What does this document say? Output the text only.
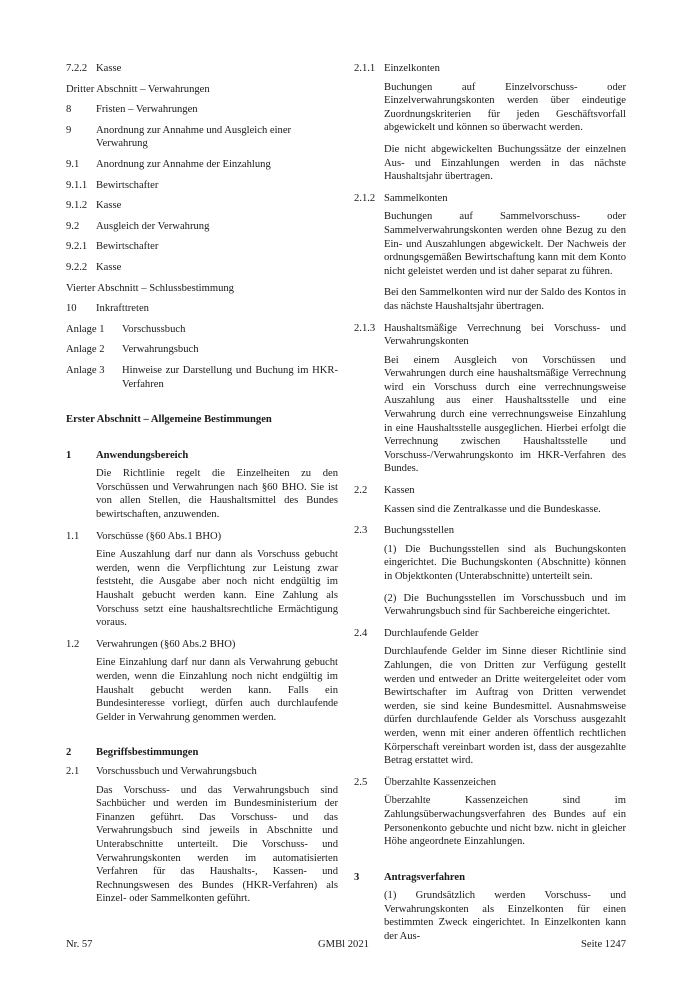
7.2.2 Kasse
Dritter Abschnitt – Verwahrungen
8	Fristen – Verwahrungen
9	Anordnung zur Annahme und Ausgleich einer Verwahrung
9.1	Anordnung zur Annahme der Einzahlung
9.1.1 Bewirtschafter
9.1.2 Kasse
9.2	Ausgleich der Verwahrung
9.2.1 Bewirtschafter
9.2.2 Kasse
Vierter Abschnitt – Schlussbestimmung
10	Inkrafttreten
Anlage 1	Vorschussbuch
Anlage 2	Verwahrungsbuch
Anlage 3	Hinweise zur Darstellung und Buchung im HKR-Verfahren
Erster Abschnitt – Allgemeine Bestimmungen
1	Anwendungsbereich
Die Richtlinie regelt die Einzelheiten zu den Vorschüssen und Verwahrungen nach §60 BHO. Sie ist von allen Stellen, die Haushaltsmittel des Bundes bewirtschaften, anzuwenden.
1.1	Vorschüsse (§60 Abs.1 BHO)
Eine Auszahlung darf nur dann als Vorschuss gebucht werden, wenn die Verpflichtung zur Leistung zwar feststeht, die Ausgabe aber noch nicht endgültig im Haushalt gebucht werden kann. Eine Zahlung als Vorschuss setzt eine haushaltsrechtliche Ermächtigung voraus.
1.2	Verwahrungen (§60 Abs.2 BHO)
Eine Einzahlung darf nur dann als Verwahrung gebucht werden, wenn die Einzahlung noch nicht endgültig im Haushalt gebucht werden kann. Falls ein Bundesinteresse vorliegt, dürfen auch durchlaufende Gelder in Verwahrung genommen werden.
2	Begriffsbestimmungen
2.1	Vorschussbuch und Verwahrungsbuch
Das Vorschuss- und das Verwahrungsbuch sind Sachbücher und werden im Bundesministerium der Finanzen geführt. Das Vorschuss- und das Verwahrungsbuch sind jeweils in Abschnitte und Unterabschnitte unterteilt. Die Vorschuss- und Verwahrungskonten werden im automatisierten Verfahren für das Haushalts-, Kassen- und Rechnungswesen des Bundes (HKR-Verfahren) als Einzel- oder Sammelkonten geführt.
2.1.1 Einzelkonten
Buchungen auf Einzelvorschuss- oder Einzelverwahrungskonten werden über eindeutige Zuordnungskriterien für jeden Geschäftsvorfall abgewickelt und können so überwacht werden.
Die nicht abgewickelten Buchungssätze der einzelnen Aus- und Einzahlungen werden in das nächste Haushaltsjahr übertragen.
2.1.2 Sammelkonten
Buchungen auf Sammelvorschuss- oder Sammelverwahrungskonten werden ohne Bezug zu den Ein- und Auszahlungen abgewickelt. Der Nachweis der ordnungsgemäßen Bewirtschaftung kann mit dem Konto nicht geleistet werden und ist daher separat zu führen.
Bei den Sammelkonten wird nur der Saldo des Kontos in das nächste Haushaltsjahr übertragen.
2.1.3 Haushaltsmäßige Verrechnung bei Vorschuss- und Verwahrungskonten
Bei einem Ausgleich von Vorschüssen und Verwahrungen durch eine haushaltsmäßige Verrechnung wird ein Vorschuss durch eine verrechnungsweise Auszahlung aus einer Haushaltsstelle und eine Verwahrung durch eine verrechnungsweise Einzahlung in eine Haushaltsstelle ausgeglichen. Hierbei erfolgt die Verrechnung zwischen Haushaltsstelle und Vorschuss-/Verwahrungskonto im HKR-Verfahren des Bundes.
2.2	Kassen
Kassen sind die Zentralkasse und die Bundeskasse.
2.3	Buchungsstellen
(1) Die Buchungsstellen sind als Buchungskonten eingerichtet. Die Buchungskonten (Abschnitte) können in Objektkonten (Unterabschnitte) unterteilt sein.
(2) Die Buchungsstellen im Vorschussbuch und im Verwahrungsbuch sind für Sachbereiche eingerichtet.
2.4	Durchlaufende Gelder
Durchlaufende Gelder im Sinne dieser Richtlinie sind Zahlungen, die von Dritten zur Verfügung gestellt werden und entweder an Dritte weitergeleitet oder vom Bewirtschafter im Auftrag von Dritten verwendet werden, sie sind keine Bundesmittel. Ausnahmsweise dürfen durchlaufende Gelder als Vorschuss ausgezahlt werden, wenn mit einer anderen öffentlich rechtlichen Körperschaft vereinbart worden ist, dass der ausgezahlte Betrag erstattet wird.
2.5	Überzahlte Kassenzeichen
Überzahlte Kassenzeichen sind im Zahlungsüberwachungsverfahren des Bundes auf ein Personenkonto gebuchte und nicht bzw. nicht in gleicher Höhe angeordnete Einzahlungen.
3	Antragsverfahren
(1) Grundsätzlich werden Vorschuss- und Verwahrungskonten als Einzelkonten für einen bestimmten Zweck eingerichtet. In Einzelkonten kann der Aus-
Nr. 57	GMBl 2021	Seite 1247
